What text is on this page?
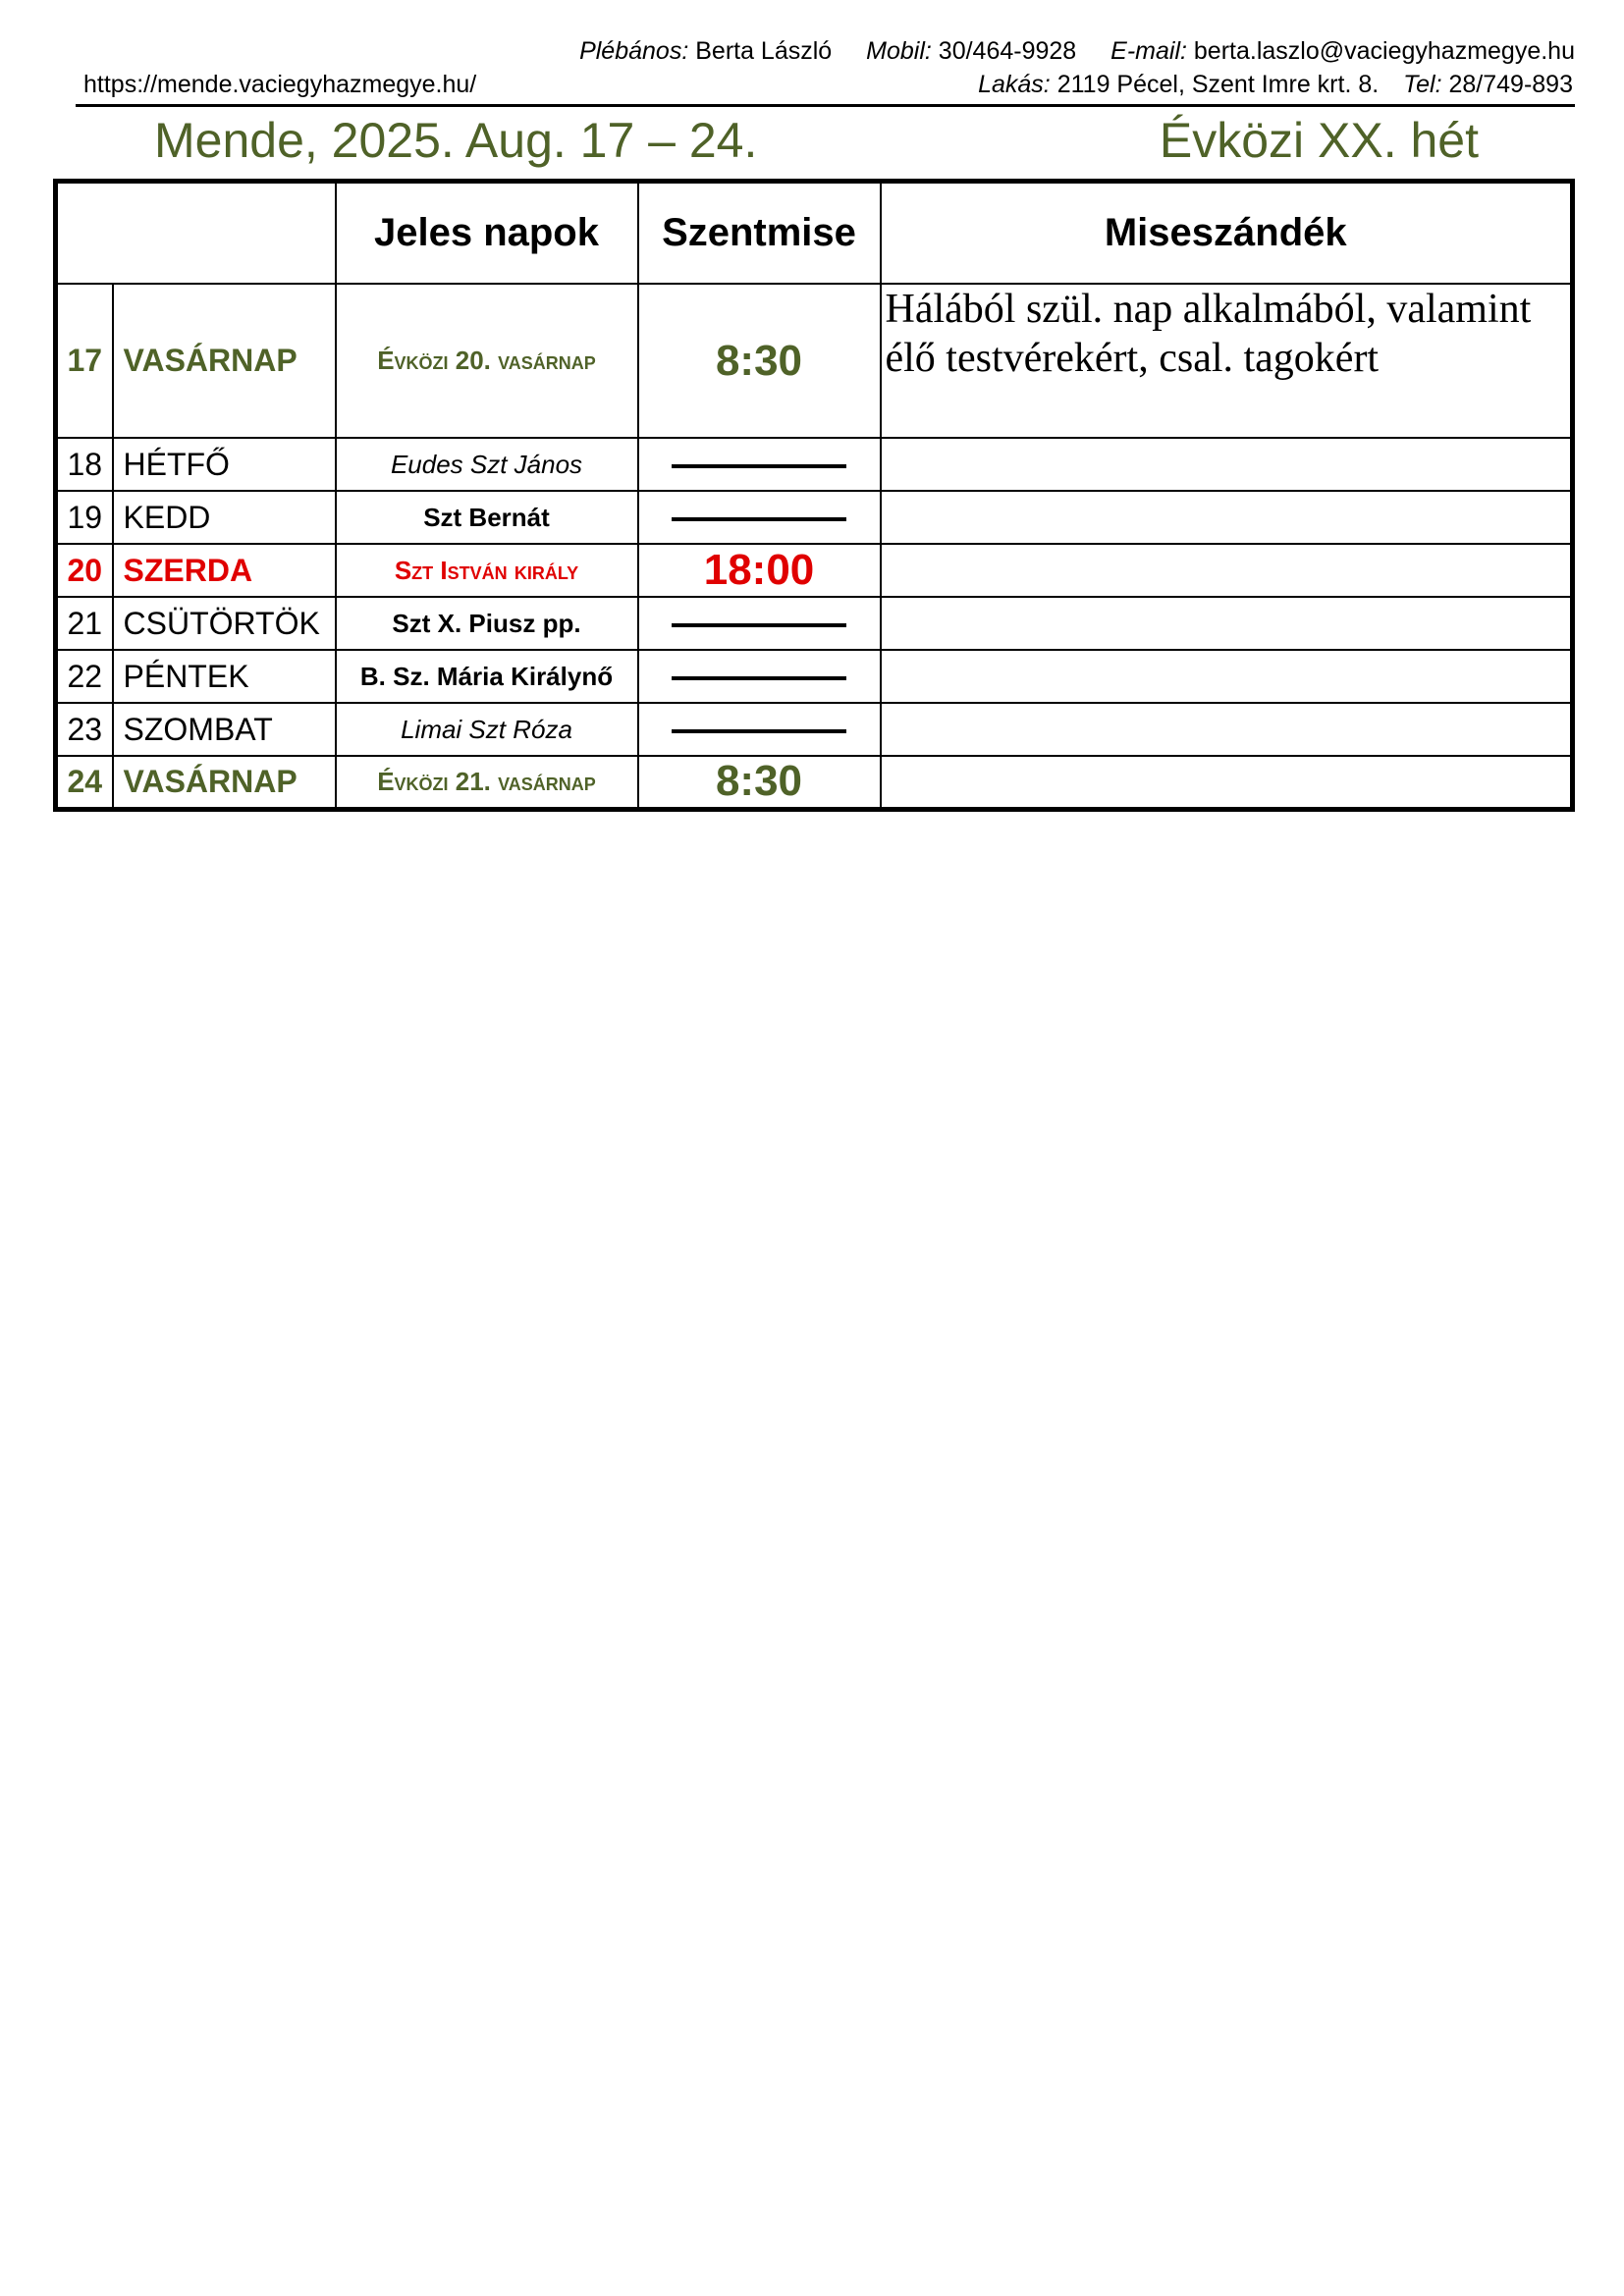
Plébános: Berta László Mobil: 30/464-9928 E-mail: berta.laszlo@vaciegyhazmegye.hu
https://mende.vaciegyhazmegye.hu/	Lakás: 2119 Pécel, Szent Imre krt. 8. Tel: 28/749-893
Mende, 2025. Aug. 17 – 24.	Évközi XX. hét
		Jeles napok	Szentmise	Miseszándék
17	VASÁRNAP	Évközi 20. vasárnap	8:30	Hálából szül. nap alkalmából, valamint élő testvérekért, csal. tagokért
18	HÉTFŐ	Eudes Szt János		
19	KEDD	Szt Bernát		
20	SZERDA	Szt István király	18:00	
21	CSÜTÖRTÖK	Szt X. Piusz pp.		
22	PÉNTEK	B. Sz. Mária Királynő		
23	SZOMBAT	Limai Szt Róza		
24	VASÁRNAP	Évközi 21. vasárnap	8:30	
